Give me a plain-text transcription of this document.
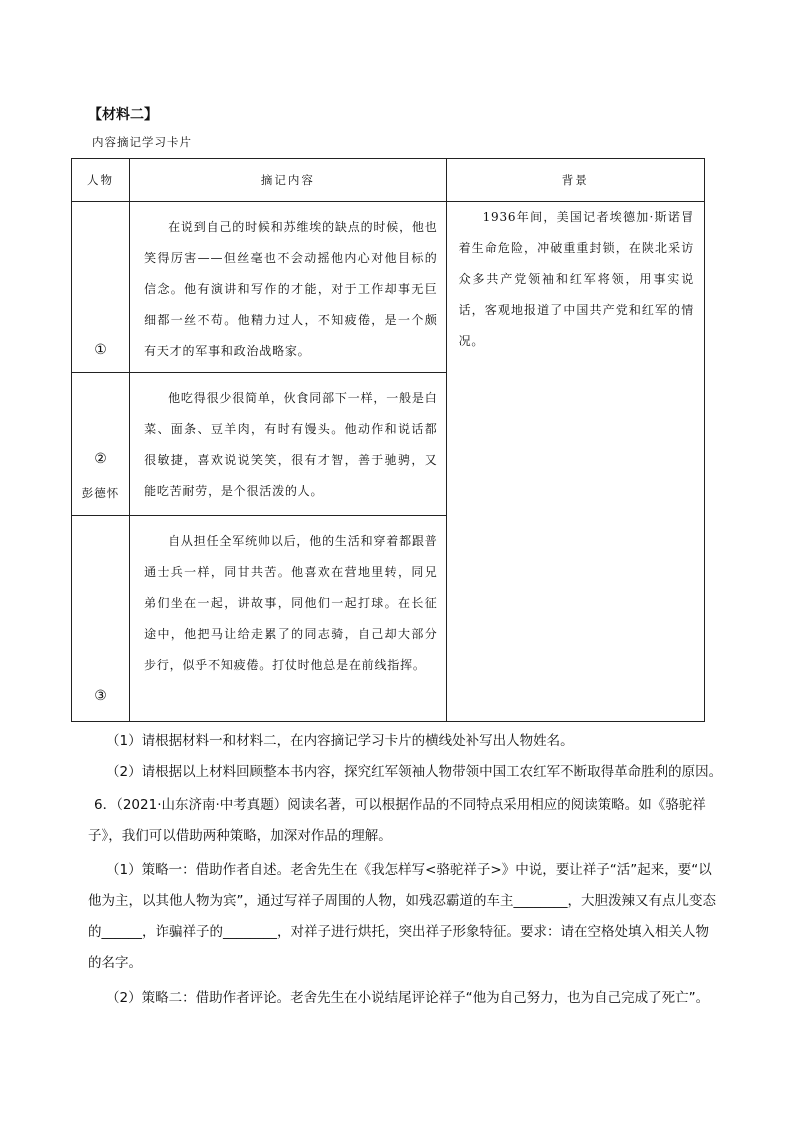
【材料二】
内容摘记学习卡片
人物	摘记内容	背景

①	在说到自己的时候和苏维埃的缺点的时候，他也笑得厉害——但丝毫也不会动摇他内心对他目标的信念。他有演讲和写作的才能，对于工作却事无巨细都一丝不苟。他精力过人，不知疲倦，是一个颇有天才的军事和政治战略家。	1936年间，美国记者埃德加·斯诺冒着生命危险，冲破重重封锁，在陕北采访众多共产党领袖和红军将领，用事实说话，客观地报道了中国共产党和红军的情况。

②
彭德怀	他吃得很少很简单，伙食同部下一样，一般是白菜、面条、豆羊肉，有时有馒头。他动作和说话都很敏捷，喜欢说说笑笑，很有才智，善于驰骋，又能吃苦耐劳，是个很活泼的人。	

③	自从担任全军统帅以后，他的生活和穿着都跟普通士兵一样，同甘共苦。他喜欢在营地里转，同兄弟们坐在一起，讲故事，同他们一起打球。在长征途中，他把马让给走累了的同志骑，自己却大部分步行，似乎不知疲倦。打仗时他总是在前线指挥。	
（1）请根据材料一和材料二，在内容摘记学习卡片的横线处补写出人物姓名。
（2）请根据以上材料回顾整本书内容，探究红军领袖人物带领中国工农红军不断取得革命胜利的原因。
6．（2021·山东济南·中考真题）阅读名著，可以根据作品的不同特点采用相应的阅读策略。如《骆驼祥子》，我们可以借助两种策略，加深对作品的理解。
（1）策略一：借助作者自述。老舍先生在《我怎样写<骆驼祥子>》中说，要让祥子“活”起来，要“以他为主，以其他人物为宾”，通过写祥子周围的人物，如残忍霸道的车主________，大胆泼辣又有点儿变态的______，诈骗祥子的________，对祥子进行烘托，突出祥子形象特征。要求：请在空格处填入相关人物的名字。
（2）策略二：借助作者评论。老舍先生在小说结尾评论祥子“他为自己努力，也为自己完成了死亡”。
